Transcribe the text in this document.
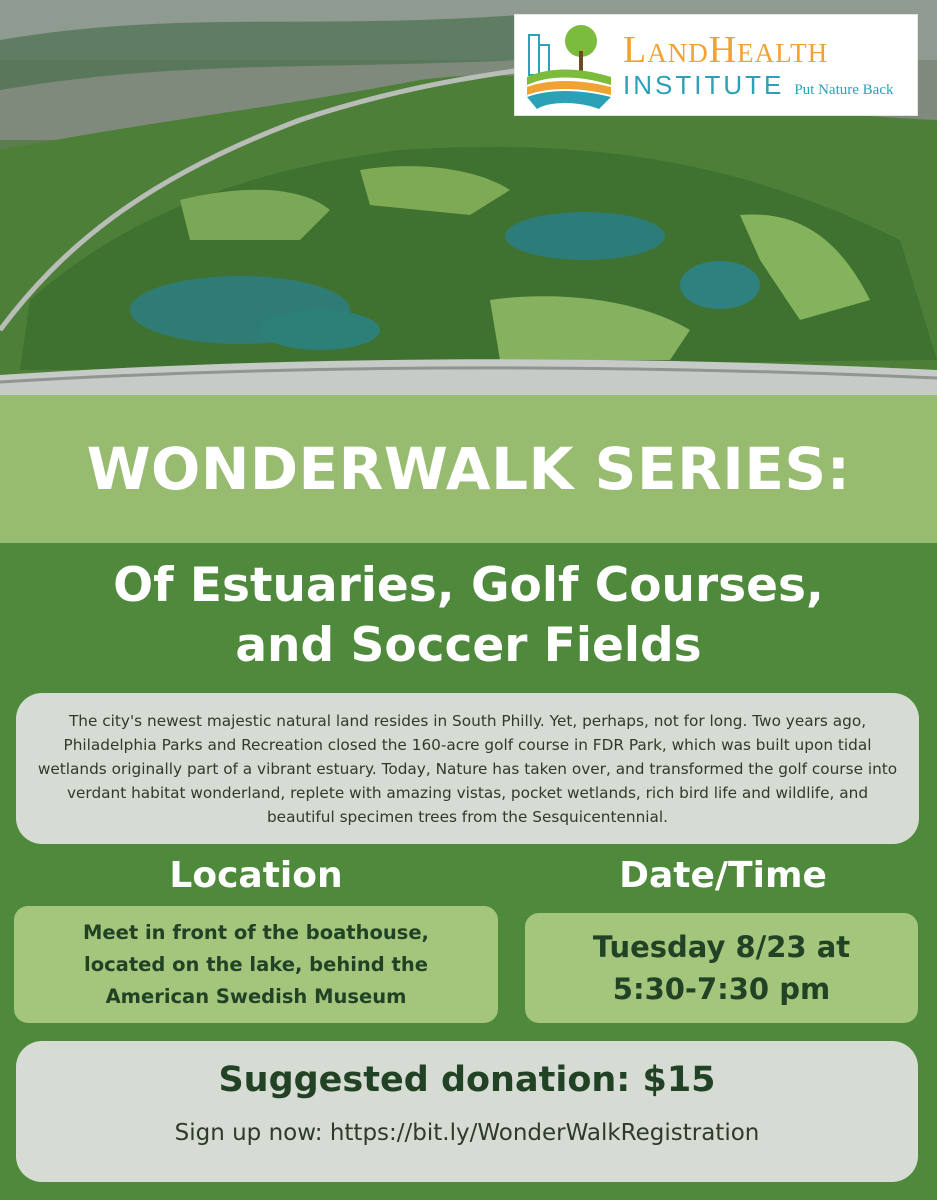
LandHealth
INSTITUTE Put Nature Back
WONDERWALK SERIES:
Of Estuaries, Golf Courses,
and Soccer Fields

The city's newest majestic natural land resides in South Philly. Yet, perhaps, not for long. Two years ago, Philadelphia Parks and Recreation closed the 160-acre golf course in FDR Park, which was built upon tidal wetlands originally part of a vibrant estuary. Today, Nature has taken over, and transformed the golf course into verdant habitat wonderland, replete with amazing vistas, pocket wetlands, rich bird life and wildlife, and beautiful specimen trees from the Sesquicentennial.

Location	Date/Time
Meet in front of the boathouse,
located on the lake, behind the
American Swedish Museum
Tuesday 8/23 at
5:30-7:30 pm
Suggested donation: $15
Sign up now: https://bit.ly/WonderWalkRegistration
